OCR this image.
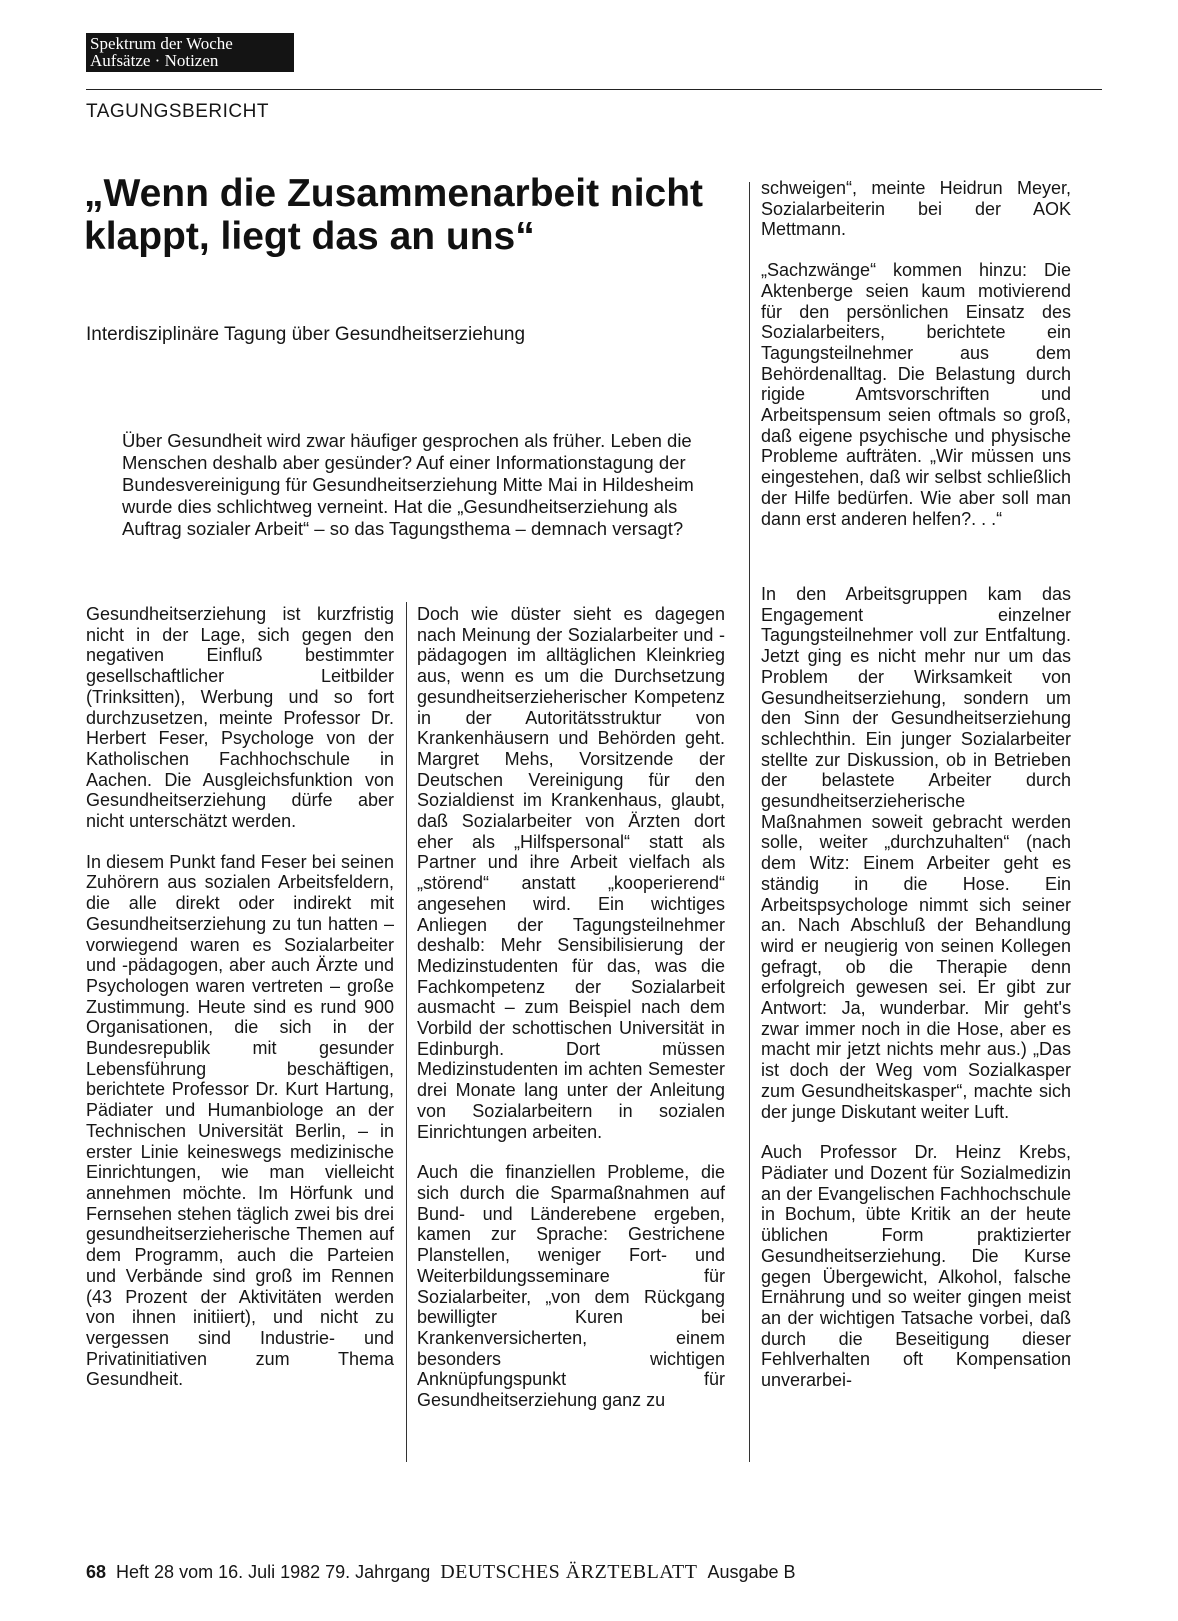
Spektrum der Woche
Aufsätze · Notizen
TAGUNGSBERICHT
„Wenn die Zusammenarbeit nicht klappt, liegt das an uns“
Interdisziplinäre Tagung über Gesundheitserziehung

Über Gesundheit wird zwar häufiger gesprochen als früher. Leben die Menschen deshalb aber gesünder? Auf einer Informationstagung der Bundesvereinigung für Gesundheitserziehung Mitte Mai in Hildesheim wurde dies schlichtweg verneint. Hat die „Gesundheitserziehung als Auftrag sozialer Arbeit“ – so das Tagungsthema – demnach versagt?

Gesundheitserziehung ist kurzfristig nicht in der Lage, sich gegen den negativen Einfluß bestimmter gesellschaftlicher Leitbilder (Trinksitten), Werbung und so fort durchzusetzen, meinte Professor Dr. Herbert Feser, Psychologe von der Katholischen Fachhochschule in Aachen. Die Ausgleichsfunktion von Gesundheitserziehung dürfe aber nicht unterschätzt werden.

In diesem Punkt fand Feser bei seinen Zuhörern aus sozialen Arbeitsfeldern, die alle direkt oder indirekt mit Gesundheitserziehung zu tun hatten – vorwiegend waren es Sozialarbeiter und -pädagogen, aber auch Ärzte und Psychologen waren vertreten – große Zustimmung. Heute sind es rund 900 Organisationen, die sich in der Bundesrepublik mit gesunder Lebensführung beschäftigen, berichtete Professor Dr. Kurt Hartung, Pädiater und Humanbiologe an der Technischen Universität Berlin, – in erster Linie keineswegs medizinische Einrichtungen, wie man vielleicht annehmen möchte. Im Hörfunk und Fernsehen stehen täglich zwei bis drei gesundheitserzieherische Themen auf dem Programm, auch die Parteien und Verbände sind groß im Rennen (43 Prozent der Aktivitäten werden von ihnen initiiert), und nicht zu vergessen sind Industrie- und Privatinitiativen zum Thema Gesundheit.

Doch wie düster sieht es dagegen nach Meinung der Sozialarbeiter und -pädagogen im alltäglichen Kleinkrieg aus, wenn es um die Durchsetzung gesundheitserzieherischer Kompetenz in der Autoritätsstruktur von Krankenhäusern und Behörden geht. Margret Mehs, Vorsitzende der Deutschen Vereinigung für den Sozialdienst im Krankenhaus, glaubt, daß Sozialarbeiter von Ärzten dort eher als „Hilfspersonal“ statt als Partner und ihre Arbeit vielfach als „störend“ anstatt „kooperierend“ angesehen wird. Ein wichtiges Anliegen der Tagungsteilnehmer deshalb: Mehr Sensibilisierung der Medizinstudenten für das, was die Fachkompetenz der Sozialarbeit ausmacht – zum Beispiel nach dem Vorbild der schottischen Universität in Edinburgh. Dort müssen Medizinstudenten im achten Semester drei Monate lang unter der Anleitung von Sozialarbeitern in sozialen Einrichtungen arbeiten.

Auch die finanziellen Probleme, die sich durch die Sparmaßnahmen auf Bund- und Länderebene ergeben, kamen zur Sprache: Gestrichene Planstellen, weniger Fort- und Weiterbildungsseminare für Sozialarbeiter, „von dem Rückgang bewilligter Kuren bei Krankenversicherten, einem besonders wichtigen Anknüpfungspunkt für Gesundheitserziehung ganz zu

schweigen“, meinte Heidrun Meyer, Sozialarbeiterin bei der AOK Mettmann.

„Sachzwänge“ kommen hinzu: Die Aktenberge seien kaum motivierend für den persönlichen Einsatz des Sozialarbeiters, berichtete ein Tagungsteilnehmer aus dem Behördenalltag. Die Belastung durch rigide Amtsvorschriften und Arbeitspensum seien oftmals so groß, daß eigene psychische und physische Probleme aufträten. „Wir müssen uns eingestehen, daß wir selbst schließlich der Hilfe bedürfen. Wie aber soll man dann erst anderen helfen?. . .“

In den Arbeitsgruppen kam das Engagement einzelner Tagungsteilnehmer voll zur Entfaltung. Jetzt ging es nicht mehr nur um das Problem der Wirksamkeit von Gesundheitserziehung, sondern um den Sinn der Gesundheitserziehung schlechthin. Ein junger Sozialarbeiter stellte zur Diskussion, ob in Betrieben der belastete Arbeiter durch gesundheitserzieherische Maßnahmen soweit gebracht werden solle, weiter „durchzuhalten“ (nach dem Witz: Einem Arbeiter geht es ständig in die Hose. Ein Arbeitspsychologe nimmt sich seiner an. Nach Abschluß der Behandlung wird er neugierig von seinen Kollegen gefragt, ob die Therapie denn erfolgreich gewesen sei. Er gibt zur Antwort: Ja, wunderbar. Mir geht's zwar immer noch in die Hose, aber es macht mir jetzt nichts mehr aus.) „Das ist doch der Weg vom Sozialkasper zum Gesundheitskasper“, machte sich der junge Diskutant weiter Luft.

Auch Professor Dr. Heinz Krebs, Pädiater und Dozent für Sozialmedizin an der Evangelischen Fachhochschule in Bochum, übte Kritik an der heute üblichen Form praktizierter Gesundheitserziehung. Die Kurse gegen Übergewicht, Alkohol, falsche Ernährung und so weiter gingen meist an der wichtigen Tatsache vorbei, daß durch die Beseitigung dieser Fehlverhalten oft Kompensation unverarbei-

68 Heft 28 vom 16. Juli 1982 79. Jahrgang DEUTSCHES ÄRZTEBLATT Ausgabe B
